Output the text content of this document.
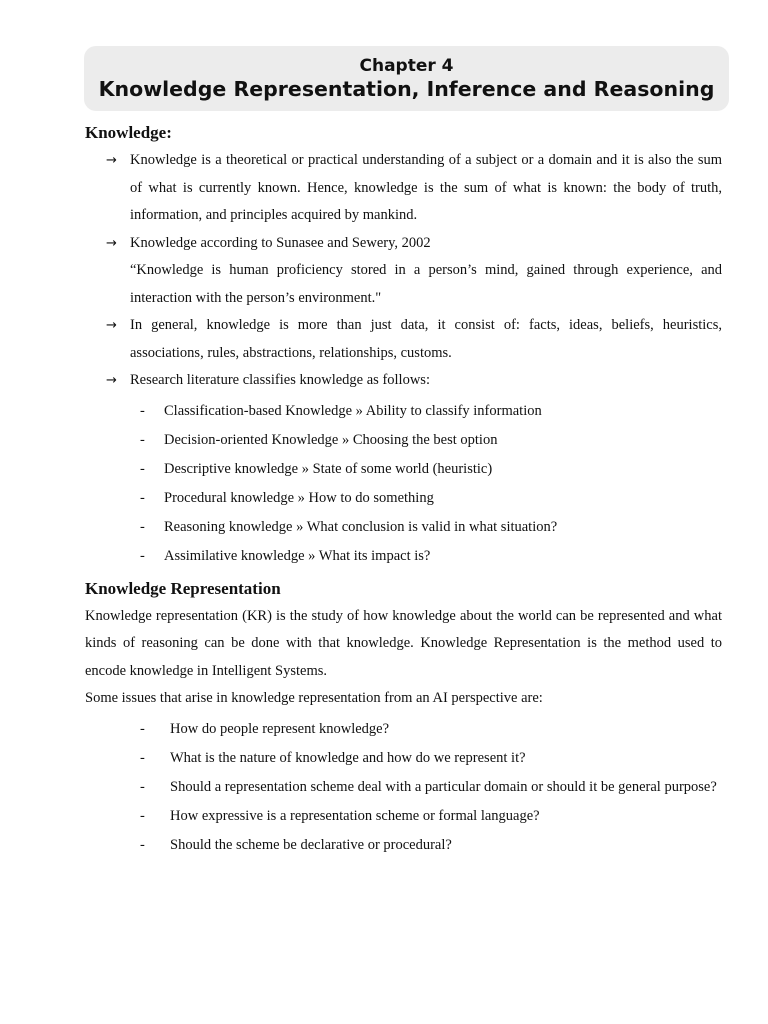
Chapter 4
Knowledge Representation, Inference and Reasoning
Knowledge:
→ Knowledge is a theoretical or practical understanding of a subject or a domain and it is also the sum of what is currently known. Hence, knowledge is the sum of what is known: the body of truth, information, and principles acquired by mankind.
→ Knowledge according to Sunasee and Sewery, 2002
“Knowledge is human proficiency stored in a person’s mind, gained through experience, and interaction with the person’s environment."
→ In general, knowledge is more than just data, it consist of: facts, ideas, beliefs, heuristics, associations, rules, abstractions, relationships, customs.
→ Research literature classifies knowledge as follows:
- Classification-based Knowledge » Ability to classify information
- Decision-oriented Knowledge » Choosing the best option
- Descriptive knowledge » State of some world (heuristic)
- Procedural knowledge » How to do something
- Reasoning knowledge » What conclusion is valid in what situation?
- Assimilative knowledge » What its impact is?
Knowledge Representation

Knowledge representation (KR) is the study of how knowledge about the world can be represented and what kinds of reasoning can be done with that knowledge. Knowledge Representation is the method used to encode knowledge in Intelligent Systems.

Some issues that arise in knowledge representation from an AI perspective are:

- How do people represent knowledge?
- What is the nature of knowledge and how do we represent it?
- Should a representation scheme deal with a particular domain or should it be general purpose?
- How expressive is a representation scheme or formal language?
- Should the scheme be declarative or procedural?
